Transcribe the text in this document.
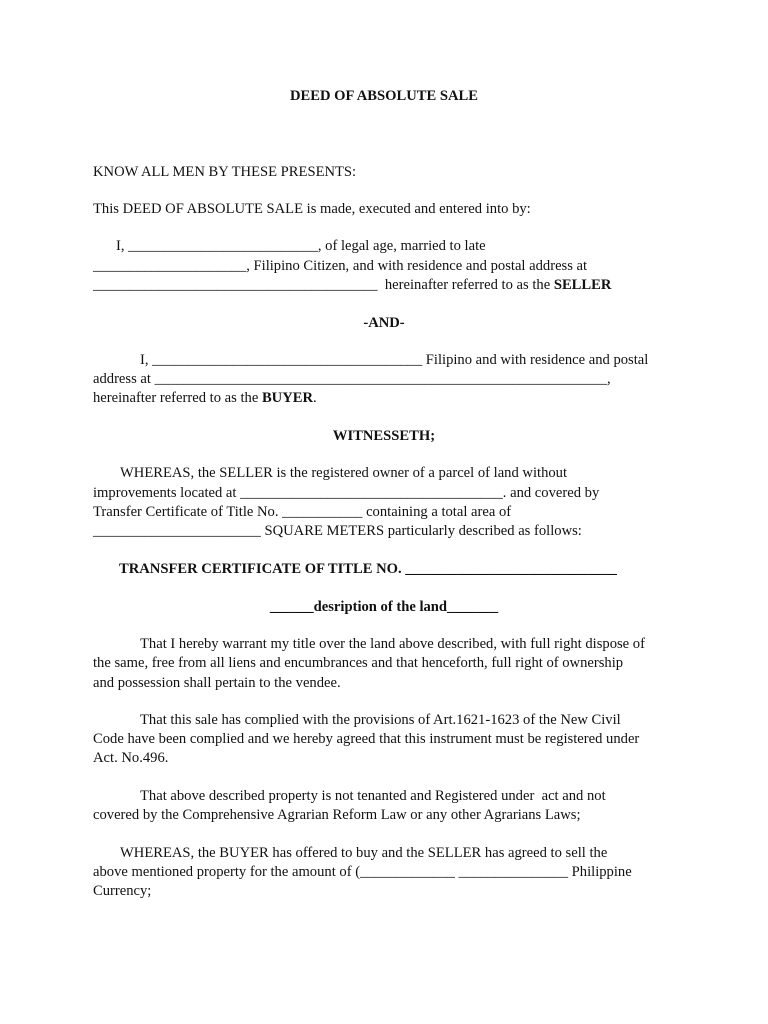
DEED OF ABSOLUTE SALE
KNOW ALL MEN BY THESE PRESENTS:
This DEED OF ABSOLUTE SALE is made, executed and entered into by:
I, __________________________, of legal age, married to late
_____________________, Filipino Citizen, and with residence and postal address at
_______________________________________  hereinafter referred to as the SELLER
-AND-
I, _____________________________________ Filipino and with residence and postal
address at ______________________________________________________________,
hereinafter referred to as the BUYER.
WITNESSETH;
WHEREAS, the SELLER is the registered owner of a parcel of land without
improvements located at ____________________________________. and covered by
Transfer Certificate of Title No. ___________ containing a total area of
_______________________ SQUARE METERS particularly described as follows:
TRANSFER CERTIFICATE OF TITLE NO. _____________________________
______desription of the land_______
That I hereby warrant my title over the land above described, with full right dispose of
the same, free from all liens and encumbrances and that henceforth, full right of ownership
and possession shall pertain to the vendee.
That this sale has complied with the provisions of Art.1621-1623 of the New Civil
Code have been complied and we hereby agreed that this instrument must be registered under
Act. No.496.
That above described property is not tenanted and Registered under  act and not
covered by the Comprehensive Agrarian Reform Law or any other Agrarians Laws;
WHEREAS, the BUYER has offered to buy and the SELLER has agreed to sell the
above mentioned property for the amount of (_____________ _______________ Philippine
Currency;
